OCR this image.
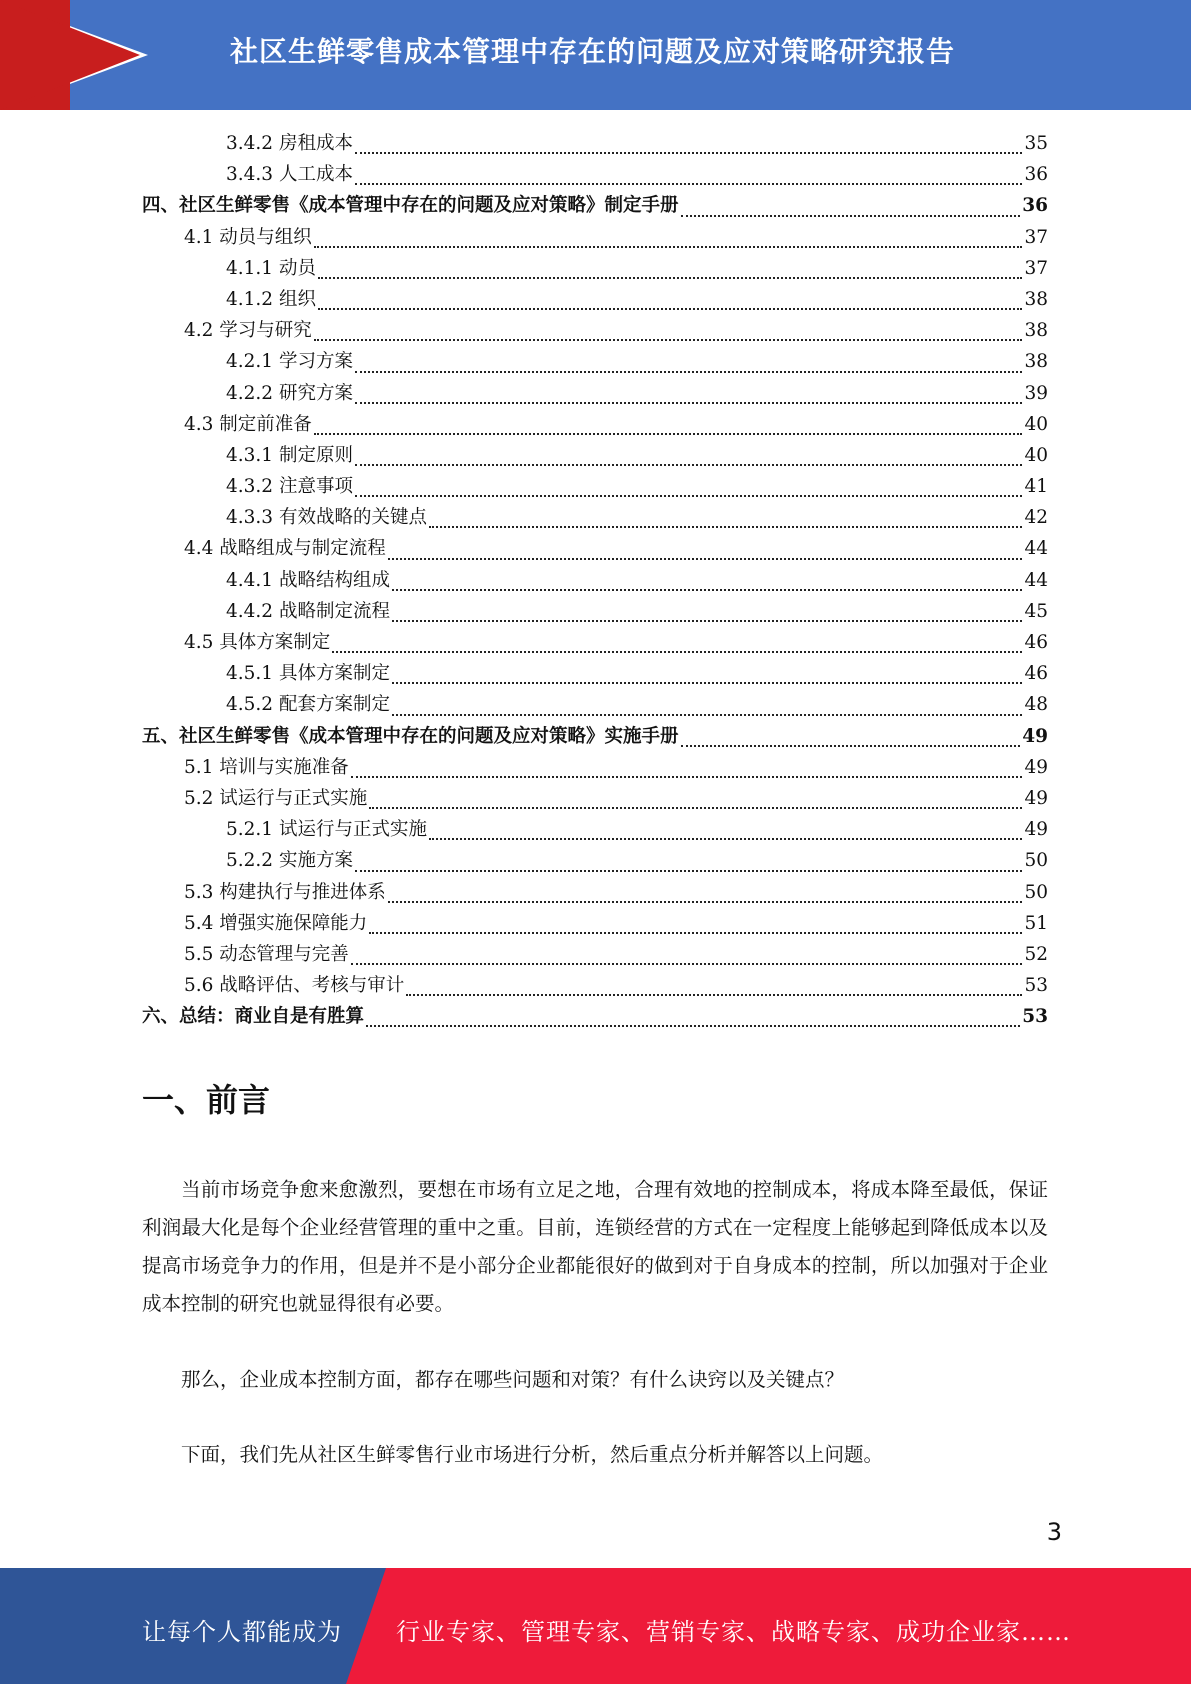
社区生鲜零售成本管理中存在的问题及应对策略研究报告
3.4.2 房租成本	35
3.4.3 人工成本	36
四、社区生鲜零售《成本管理中存在的问题及应对策略》制定手册	36
4.1 动员与组织	37
4.1.1 动员	37
4.1.2 组织	38
4.2 学习与研究	38
4.2.1 学习方案	38
4.2.2 研究方案	39
4.3 制定前准备	40
4.3.1 制定原则	40
4.3.2 注意事项	41
4.3.3 有效战略的关键点	42
4.4 战略组成与制定流程	44
4.4.1 战略结构组成	44
4.4.2 战略制定流程	45
4.5 具体方案制定	46
4.5.1 具体方案制定	46
4.5.2 配套方案制定	48
五、社区生鲜零售《成本管理中存在的问题及应对策略》实施手册	49
5.1 培训与实施准备	49
5.2 试运行与正式实施	49
5.2.1 试运行与正式实施	49
5.2.2 实施方案	50
5.3 构建执行与推进体系	50
5.4 增强实施保障能力	51
5.5 动态管理与完善	52
5.6 战略评估、考核与审计	53
六、总结：商业自是有胜算	53
一、前言

当前市场竞争愈来愈激烈，要想在市场有立足之地，合理有效地的控制成本，将成本降至最低，保证利润最大化是每个企业经营管理的重中之重。目前，连锁经营的方式在一定程度上能够起到降低成本以及提高市场竞争力的作用，但是并不是小部分企业都能很好的做到对于自身成本的控制，所以加强对于企业成本控制的研究也就显得很有必要。

那么，企业成本控制方面，都存在哪些问题和对策？有什么诀窍以及关键点？

下面，我们先从社区生鲜零售行业市场进行分析，然后重点分析并解答以上问题。

3
让每个人都能成为 行业专家、管理专家、营销专家、战略专家、成功企业家……
